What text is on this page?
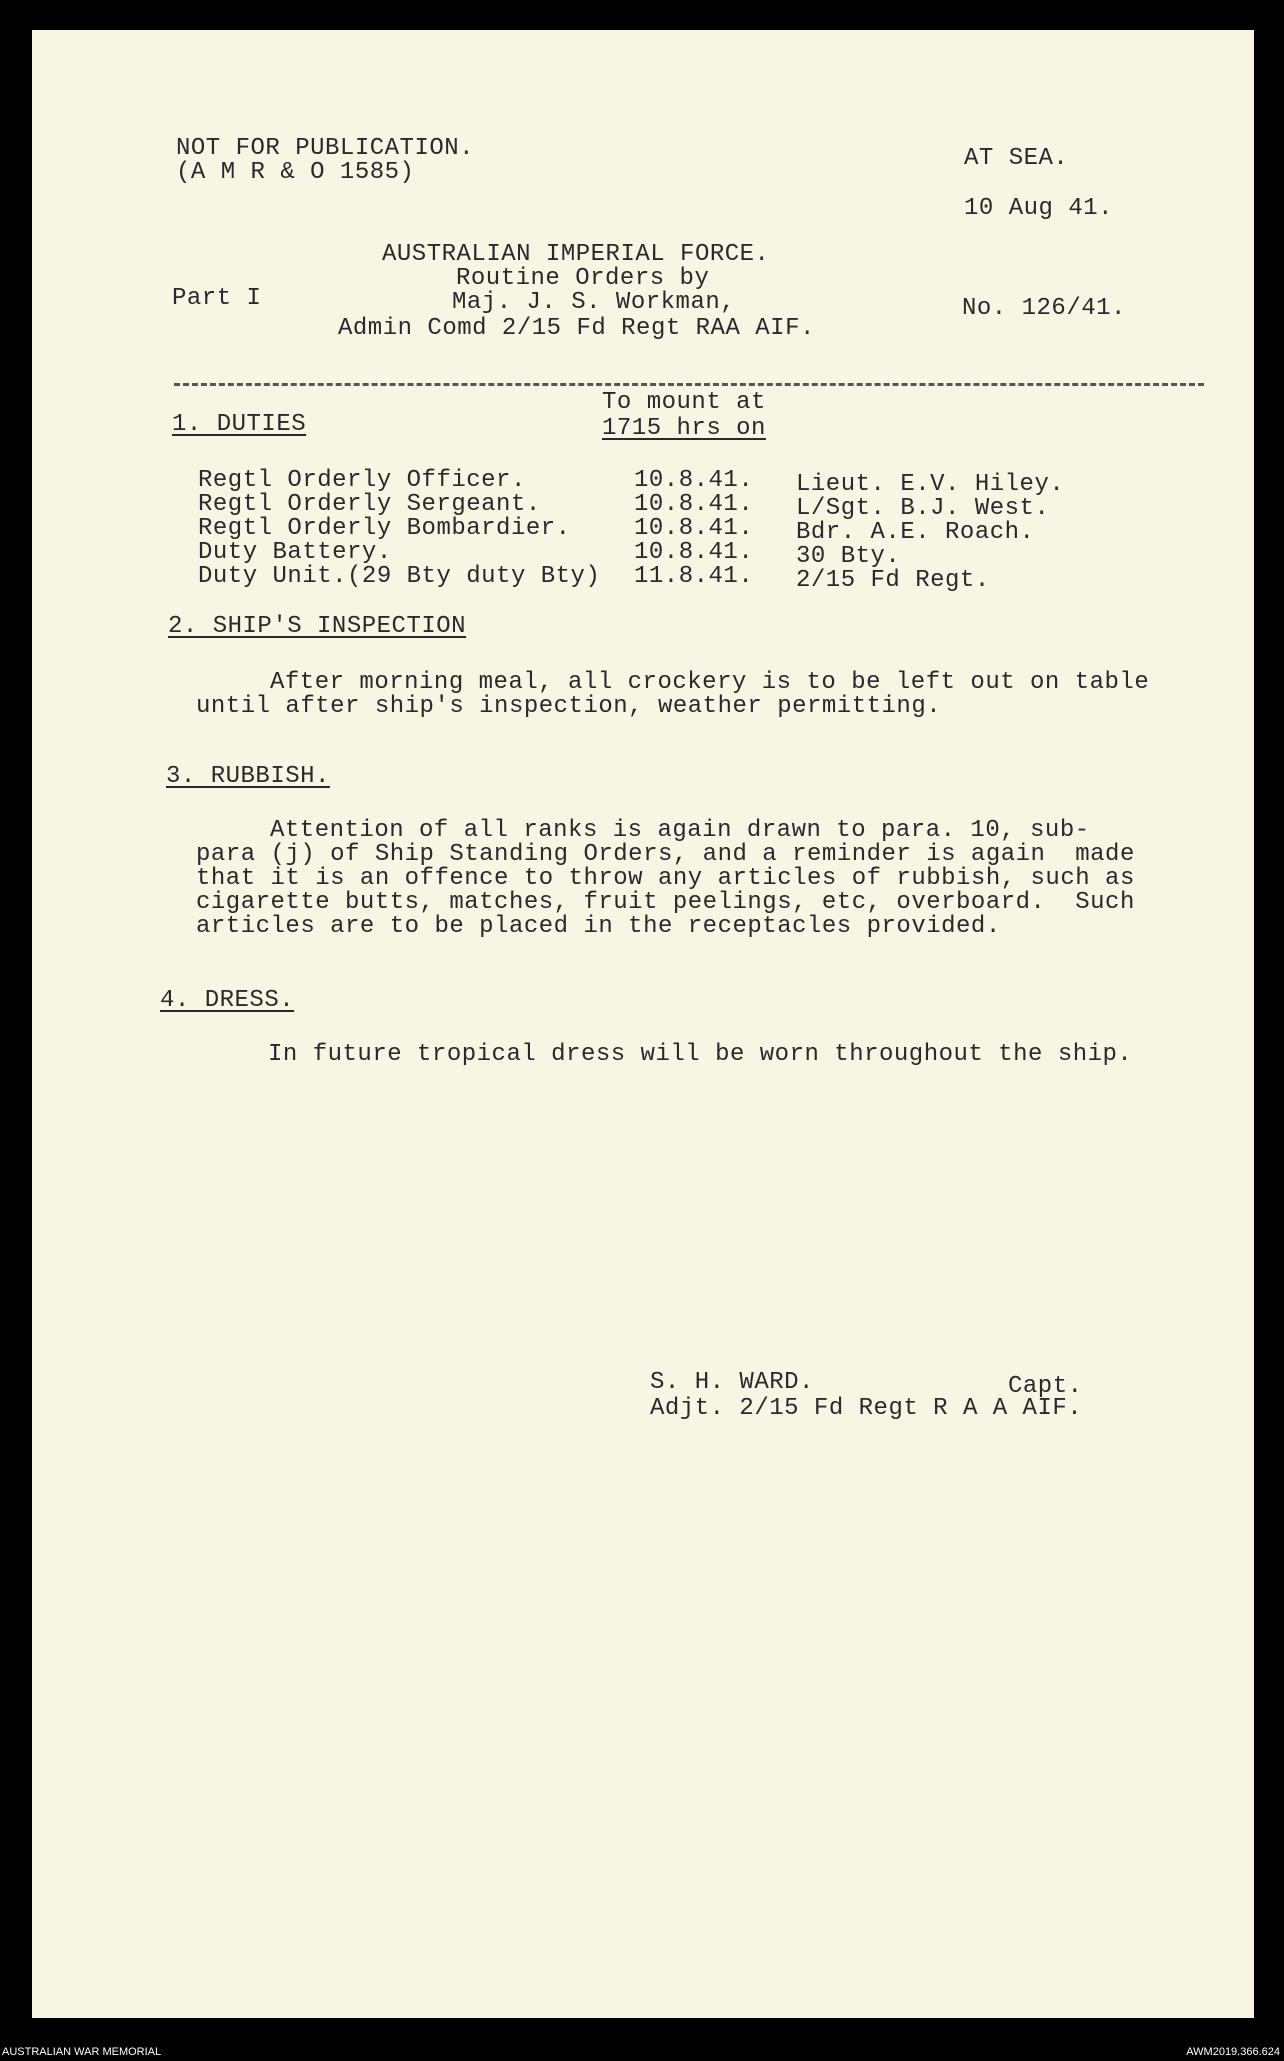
NOT FOR PUBLICATION.
(A M R & O 1585)
AT SEA.
10 Aug 41.
Part I
AUSTRALIAN IMPERIAL FORCE.
Routine Orders by
Maj. J. S. Workman,
Admin Comd 2/15 Fd Regt RAA AIF.
No. 126/41.
1. DUTIES
To mount at
1715 hrs on
Regtl Orderly Officer.	10.8.41. Lieut. E.V. Hiley.
Regtl Orderly Sergeant.	10.8.41. L/Sgt. B.J. West.
Regtl Orderly Bombardier.	10.8.41. Bdr. A.E. Roach.
Duty Battery.	10.8.41. 30 Bty.
Duty Unit.(29 Bty duty Bty) 11.8.41. 2/15 Fd Regt.
2. SHIP'S INSPECTION
After morning meal, all crockery is to be left out on table
until after ship's inspection, weather permitting.
3. RUBBISH.
Attention of all ranks is again drawn to para. 10, sub-
para (j) of Ship Standing Orders, and a reminder is again  made
that it is an offence to throw any articles of rubbish, such as
cigarette butts, matches, fruit peelings, etc, overboard.  Such
articles are to be placed in the receptacles provided.
4. DRESS.
In future tropical dress will be worn throughout the ship.
S. H. WARD.	Capt.
Adjt. 2/15 Fd Regt R A A AIF.
AUSTRALIAN WAR MEMORIAL	AWM2019.366.624
